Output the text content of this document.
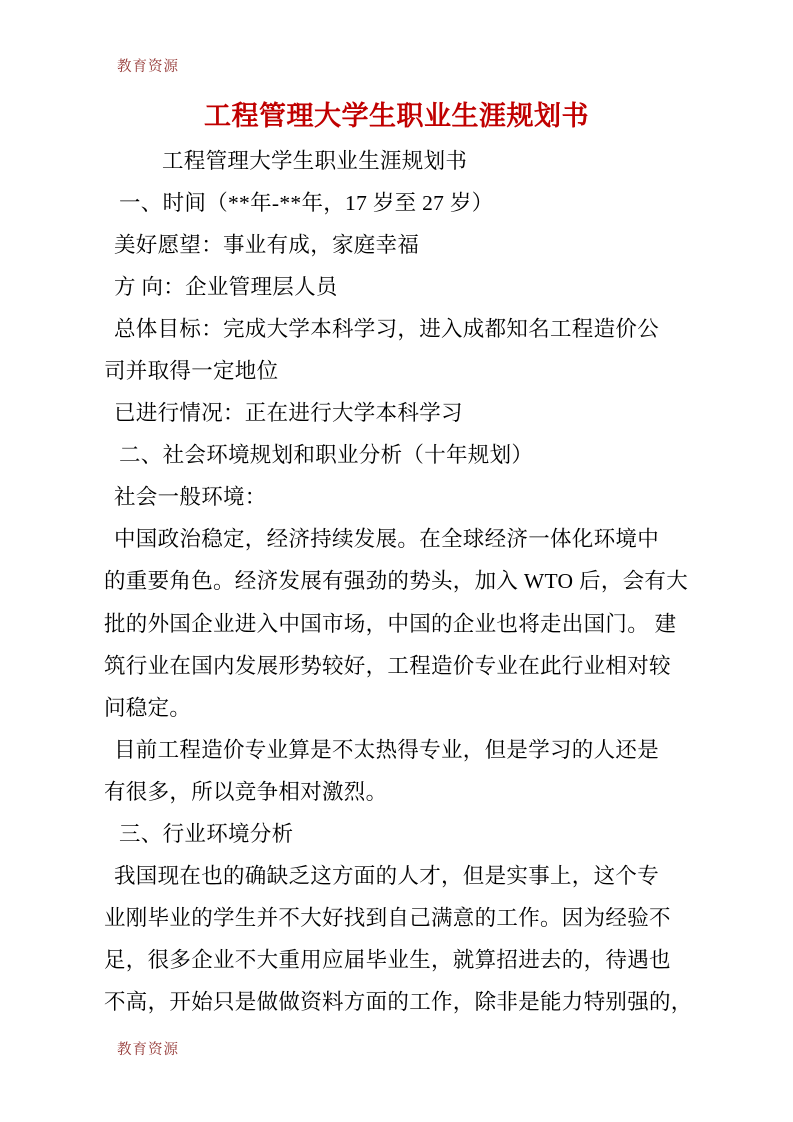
教育资源
工程管理大学生职业生涯规划书
工程管理大学生职业生涯规划书
一、时间（**年-**年，17 岁至 27 岁）
美好愿望：事业有成，家庭幸福
方 向：企业管理层人员
总体目标：完成大学本科学习，进入成都知名工程造价公
司并取得一定地位
已进行情况：正在进行大学本科学习
二、社会环境规划和职业分析（十年规划）
社会一般环境：
中国政治稳定，经济持续发展。在全球经济一体化环境中
的重要角色。经济发展有强劲的势头，加入 WTO 后，会有大
批的外国企业进入中国市场，中国的企业也将走出国门。 建
筑行业在国内发展形势较好，工程造价专业在此行业相对较
问稳定。
目前工程造价专业算是不太热得专业，但是学习的人还是
有很多，所以竞争相对激烈。
三、行业环境分析
我国现在也的确缺乏这方面的人才，但是实事上，这个专
业刚毕业的学生并不大好找到自己满意的工作。因为经验不
足，很多企业不大重用应届毕业生，就算招进去的，待遇也
不高，开始只是做做资料方面的工作，除非是能力特别强的，
教育资源
